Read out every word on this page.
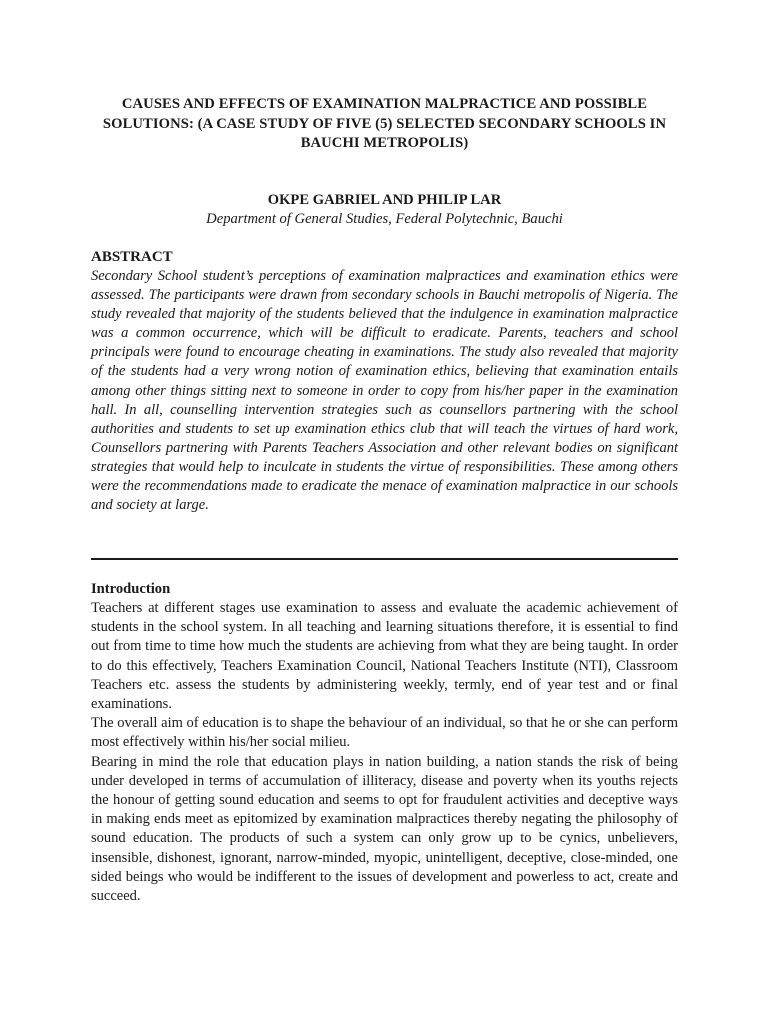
CAUSES AND EFFECTS OF EXAMINATION MALPRACTICE AND POSSIBLE SOLUTIONS: (A CASE STUDY OF FIVE (5) SELECTED SECONDARY SCHOOLS IN BAUCHI METROPOLIS)
OKPE GABRIEL AND PHILIP LAR
Department of General Studies, Federal Polytechnic, Bauchi
ABSTRACT
Secondary School student’s perceptions of examination malpractices and examination ethics were assessed. The participants were drawn from secondary schools in Bauchi metropolis of Nigeria. The study revealed that majority of the students believed that the indulgence in examination malpractice was a common occurrence, which will be difficult to eradicate. Parents, teachers and school principals were found to encourage cheating in examinations. The study also revealed that majority of the students had a very wrong notion of examination ethics, believing that examination entails among other things sitting next to someone in order to copy from his/her paper in the examination hall. In all, counselling intervention strategies such as counsellors partnering with the school authorities and students to set up examination ethics club that will teach the virtues of hard work, Counsellors partnering with Parents Teachers Association and other relevant bodies on significant strategies that would help to inculcate in students the virtue of responsibilities. These among others were the recommendations made to eradicate the menace of examination malpractice in our schools and society at large.
Introduction

Teachers at different stages use examination to assess and evaluate the academic achievement of students in the school system. In all teaching and learning situations therefore, it is essential to find out from time to time how much the students are achieving from what they are being taught. In order to do this effectively, Teachers Examination Council, National Teachers Institute (NTI), Classroom Teachers etc. assess the students by administering weekly, termly, end of year test and or final examinations.

The overall aim of education is to shape the behaviour of an individual, so that he or she can perform most effectively within his/her social milieu.

Bearing in mind the role that education plays in nation building, a nation stands the risk of being under developed in terms of accumulation of illiteracy, disease and poverty when its youths rejects the honour of getting sound education and seems to opt for fraudulent activities and deceptive ways in making ends meet as epitomized by examination malpractices thereby negating the philosophy of sound education. The products of such a system can only grow up to be cynics, unbelievers, insensible, dishonest, ignorant, narrow-minded, myopic, unintelligent, deceptive, close-minded, one sided beings who would be indifferent to the issues of development and powerless to act, create and succeed.
